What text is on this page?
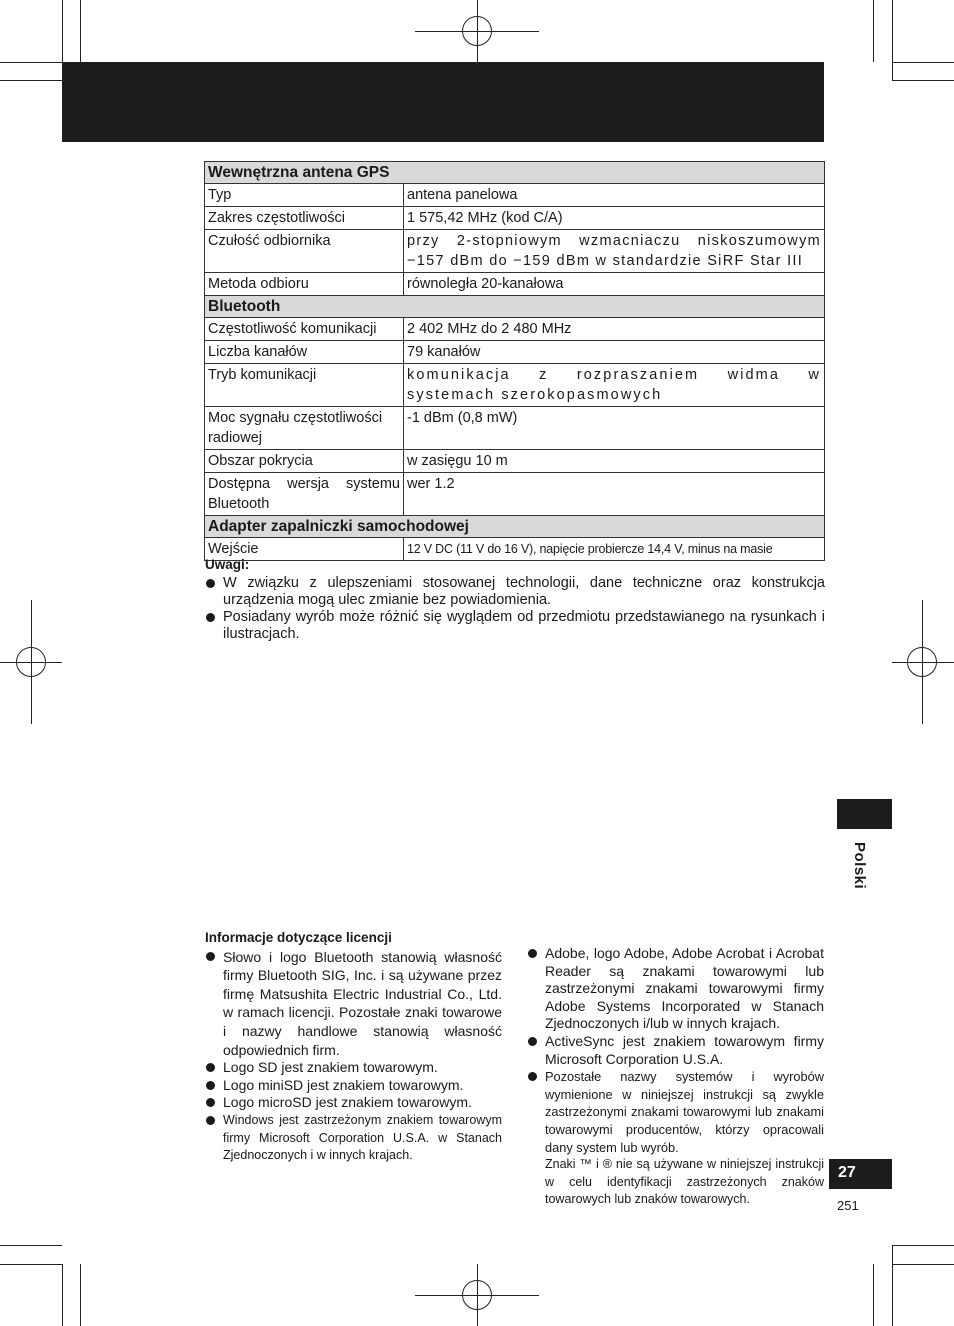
Wewnętrzna antena GPS	
Typ	antena panelowa
Zakres częstotliwości	1 575,42 MHz (kod C/A)
Czułość odbiornika	przy 2-stopniowym wzmacniaczu niskoszumowym −157 dBm do −159 dBm w standardzie SiRF Star III
Metoda odbioru	równoległa 20-kanałowa
Bluetooth	
Częstotliwość komunikacji	2 402 MHz do 2 480 MHz
Liczba kanałów	79 kanałów
Tryb komunikacji	komunikacja z rozpraszaniem widma w systemach szerokopasmowych
Moc sygnału częstotliwości radiowej	-1 dBm (0,8 mW)
Obszar pokrycia	w zasięgu 10 m
Dostępna wersja systemu Bluetooth	wer 1.2
Adapter zapalniczki samochodowej	
Wejście	12 V DC (11 V do 16 V), napięcie probiercze 14,4 V, minus na masie
Uwagi:
W związku z ulepszeniami stosowanej technologii, dane techniczne oraz konstrukcja urządzenia mogą ulec zmianie bez powiadomienia.
Posiadany wyrób może różnić się wyglądem od przedmiotu przedstawianego na rysunkach i ilustracjach.
Polski
Informacje dotyczące licencji
Słowo i logo Bluetooth stanowią własność firmy Bluetooth SIG, Inc. i są używane przez firmę Matsushita Electric Industrial Co., Ltd. w ramach licencji. Pozostałe znaki towarowe i nazwy handlowe stanowią własność odpowiednich firm.
Logo SD jest znakiem towarowym.
Logo miniSD jest znakiem towarowym.
Logo microSD jest znakiem towarowym.
Windows jest zastrzeżonym znakiem towarowym firmy Microsoft Corporation U.S.A. w Stanach Zjednoczonych i w innych krajach.
Adobe, logo Adobe, Adobe Acrobat i Acrobat Reader są znakami towarowymi lub zastrzeżonymi znakami towarowymi firmy Adobe Systems Incorporated w Stanach Zjednoczonych i/lub w innych krajach.
ActiveSync jest znakiem towarowym firmy Microsoft Corporation U.S.A.
Pozostałe nazwy systemów i wyrobów wymienione w niniejszej instrukcji są zwykle zastrzeżonymi znakami towarowymi lub znakami towarowymi producentów, którzy opracowali dany system lub wyrób.
Znaki ™ i ® nie są używane w niniejszej instrukcji w celu identyfikacji zastrzeżonych znaków towarowych lub znaków towarowych.
27
251
